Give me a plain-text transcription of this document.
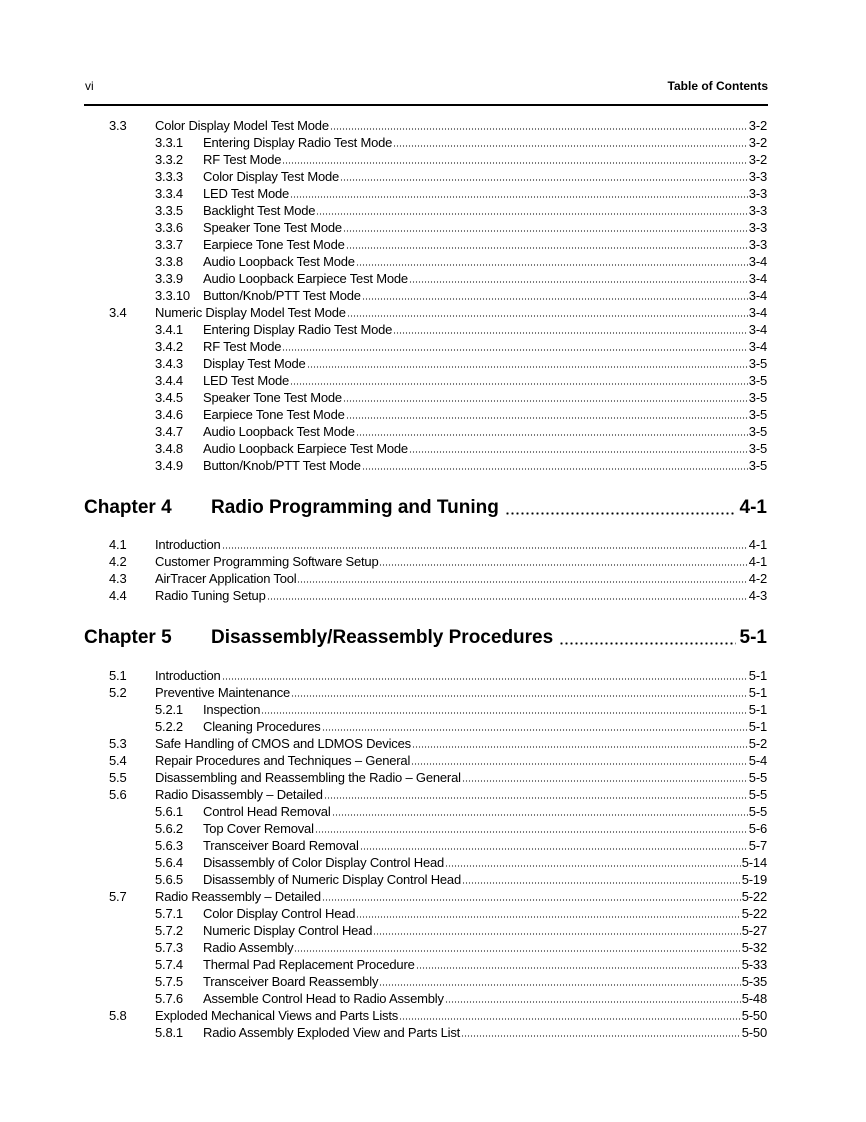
vi	Table of Contents
3.3 Color Display Model Test Mode	3-2
3.3.1 Entering Display Radio Test Mode	3-2
3.3.2 RF Test Mode	3-2
3.3.3 Color Display Test Mode	3-3
3.3.4 LED Test Mode	3-3
3.3.5 Backlight Test Mode	3-3
3.3.6 Speaker Tone Test Mode	3-3
3.3.7 Earpiece Tone Test Mode	3-3
3.3.8 Audio Loopback Test Mode	3-4
3.3.9 Audio Loopback Earpiece Test Mode	3-4
3.3.10 Button/Knob/PTT Test Mode	3-4
3.4 Numeric Display Model Test Mode	3-4
3.4.1 Entering Display Radio Test Mode	3-4
3.4.2 RF Test Mode	3-4
3.4.3 Display Test Mode	3-5
3.4.4 LED Test Mode	3-5
3.4.5 Speaker Tone Test Mode	3-5
3.4.6 Earpiece Tone Test Mode	3-5
3.4.7 Audio Loopback Test Mode	3-5
3.4.8 Audio Loopback Earpiece Test Mode	3-5
3.4.9 Button/Knob/PTT Test Mode	3-5
Chapter 4	Radio Programming and Tuning	4-1
4.1 Introduction	4-1
4.2 Customer Programming Software Setup	4-1
4.3 AirTracer Application Tool	4-2
4.4 Radio Tuning Setup	4-3
Chapter 5	Disassembly/Reassembly Procedures	5-1
5.1 Introduction	5-1
5.2 Preventive Maintenance	5-1
5.2.1 Inspection	5-1
5.2.2 Cleaning Procedures	5-1
5.3 Safe Handling of CMOS and LDMOS Devices	5-2
5.4 Repair Procedures and Techniques – General	5-4
5.5 Disassembling and Reassembling the Radio – General	5-5
5.6 Radio Disassembly – Detailed	5-5
5.6.1 Control Head Removal	5-5
5.6.2 Top Cover Removal	5-6
5.6.3 Transceiver Board Removal	5-7
5.6.4 Disassembly of Color Display Control Head	5-14
5.6.5 Disassembly of Numeric Display Control Head	5-19
5.7 Radio Reassembly – Detailed	5-22
5.7.1 Color Display Control Head	5-22
5.7.2 Numeric Display Control Head	5-27
5.7.3 Radio Assembly	5-32
5.7.4 Thermal Pad Replacement Procedure	5-33
5.7.5 Transceiver Board Reassembly	5-35
5.7.6 Assemble Control Head to Radio Assembly	5-48
5.8 Exploded Mechanical Views and Parts Lists	5-50
5.8.1 Radio Assembly Exploded View and Parts List	5-50
